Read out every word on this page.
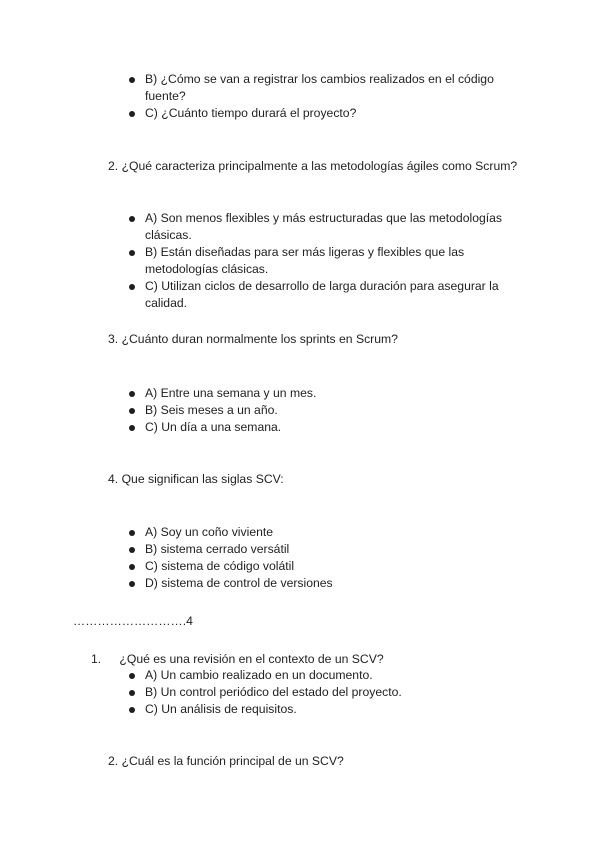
B) ¿Cómo se van a registrar los cambios realizados en el código
fuente?
C) ¿Cuánto tiempo durará el proyecto?
2. ¿Qué caracteriza principalmente a las metodologías ágiles como Scrum?
A) Son menos flexibles y más estructuradas que las metodologías
clásicas.
B) Están diseñadas para ser más ligeras y flexibles que las
metodologías clásicas.
C) Utilizan ciclos de desarrollo de larga duración para asegurar la
calidad.
3. ¿Cuánto duran normalmente los sprints en Scrum?
A) Entre una semana y un mes.
B) Seis meses a un año.
C) Un día a una semana.
4. Que significan las siglas SCV:
A) Soy un coño viviente
B) sistema cerrado versátil
C) sistema de código volátil
D) sistema de control de versiones
……………………….4
1. ¿Qué es una revisión en el contexto de un SCV?
A) Un cambio realizado en un documento.
B) Un control periódico del estado del proyecto.
C) Un análisis de requisitos.
2. ¿Cuál es la función principal de un SCV?
